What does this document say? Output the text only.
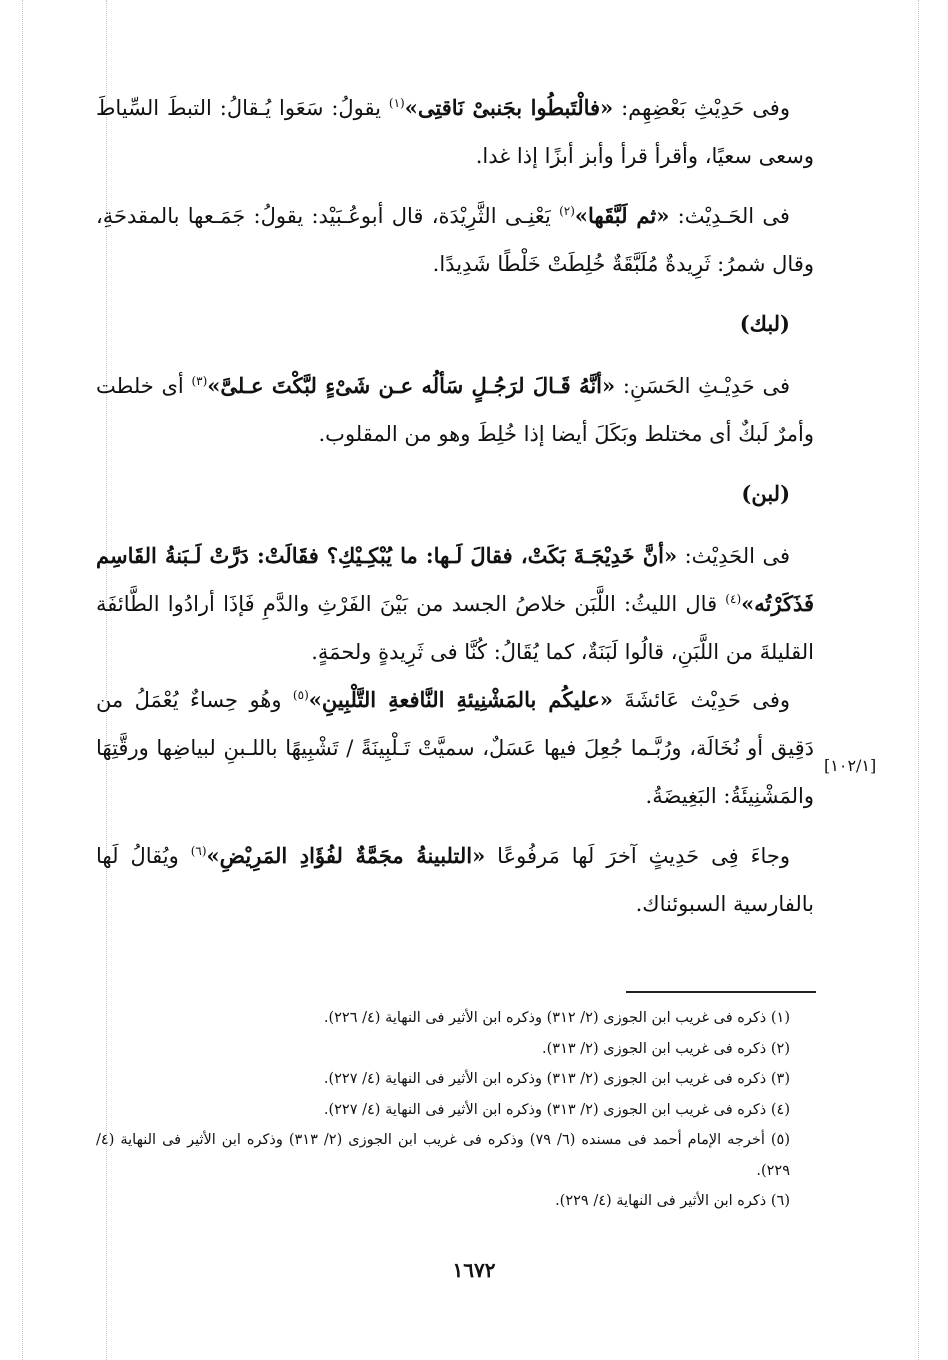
وفى حَدِيْثِ بَعْضِهِم: «فالْتَبطُوا بجَنبىْ نَاقتِى»$^{(١)}$ يقولُ: سَعَوا يُـقالُ: التبطَ السِّياطَ وسعى سعيًا، وأقرأ قرأ وأبز أبزًا إذا غدا.

فى الحَـدِيْث: «ثم لَبَّقَها»$^{(٢)}$ يَعْنِـى الثَّرِيْدَة، قال أبوعُـبَيْد: يقولُ: جَمَـعها بالمقدحَةِ، وقال شمرُ: ثَرِيدةٌ مُلَبَّقَةٌ خُلِطَتْ خَلْطًا شَدِيدًا.

(لبك)

فى حَدِيْـثِ الحَسَنِ: «أنَّهُ قَـالَ لرَجُـلٍ سَألُه عـن شَىْءٍ لبَّكْتَ عـلىَّ»$^{(٣)}$ أى خلطت وأمرٌ لَبكٌ أى مختلط وبَكَلَ أيضا إذا خُلِطَ وهو من المقلوب.

(لبن)

فى الحَدِيْث: «أنَّ خَدِيْجَـةَ بَكَتْ، فقالَ لَـها: ما يُبْكِـيْكِ؟ فقَالَتْ: دَرَّتْ لَـبَنةُ القَاسِم فَذَكَرْتُه»$^{(٤)}$ قال الليثُ: اللَّبَن خلاصُ الجسد من بَيْنَ الفَرْثِ والدَّمِ فَإذَا أرادُوا الطَّائفَة القليلةَ من اللَّبَنِ، قالُوا لَبَنَةٌ، كما يُقَالُ: كُنَّا فى ثَرِيدةٍ ولحمَةٍ.

وفى حَدِيْث عَائشَةَ «عليكُم بالمَشْنِيئةِ النَّافعةِ التَّلْبِينِ»$^{(٥)}$ وهُو حِساءٌ يُعْمَلُ من دَقِيق أو نُخَالَة، ورُبَّـما جُعِلَ فيها عَسَلٌ، سميَّتْ تَـلْبِينَةً / تَشْبِيهًا باللـبنِ لبياضِها ورقَّتِهَا والمَشْنِيئَةُ: البَغِيضَةُ.

وجاءَ فِى حَدِيثٍ آخرَ لَها مَرفُوعًا «التلبينةُ مجَمَّةٌ لفُؤَادِ المَرِيْضِ»$^{(٦)}$ ويُقالُ لَها بالفارسية السبوئناك.

[١٠٢/١]

(١) ذكره فى غريب ابن الجوزى (٢/ ٣١٢) وذكره ابن الأثير فى النهاية (٤/ ٢٢٦).

(٢) ذكره فى غريب ابن الجوزى (٢/ ٣١٣).

(٣) ذكره فى غريب ابن الجوزى (٢/ ٣١٣) وذكره ابن الأثير فى النهاية (٤/ ٢٢٧).

(٤) ذكره فى غريب ابن الجوزى (٢/ ٣١٣) وذكره ابن الأثير فى النهاية (٤/ ٢٢٧).

(٥) أخرجه الإمام أحمد فى مسنده (٦/ ٧٩) وذكره فى غريب ابن الجوزى (٢/ ٣١٣) وذكره ابن الأثير فى النهاية (٤/ ٢٢٩).

(٦) ذكره ابن الأثير فى النهاية (٤/ ٢٢٩).

١٦٧٢
